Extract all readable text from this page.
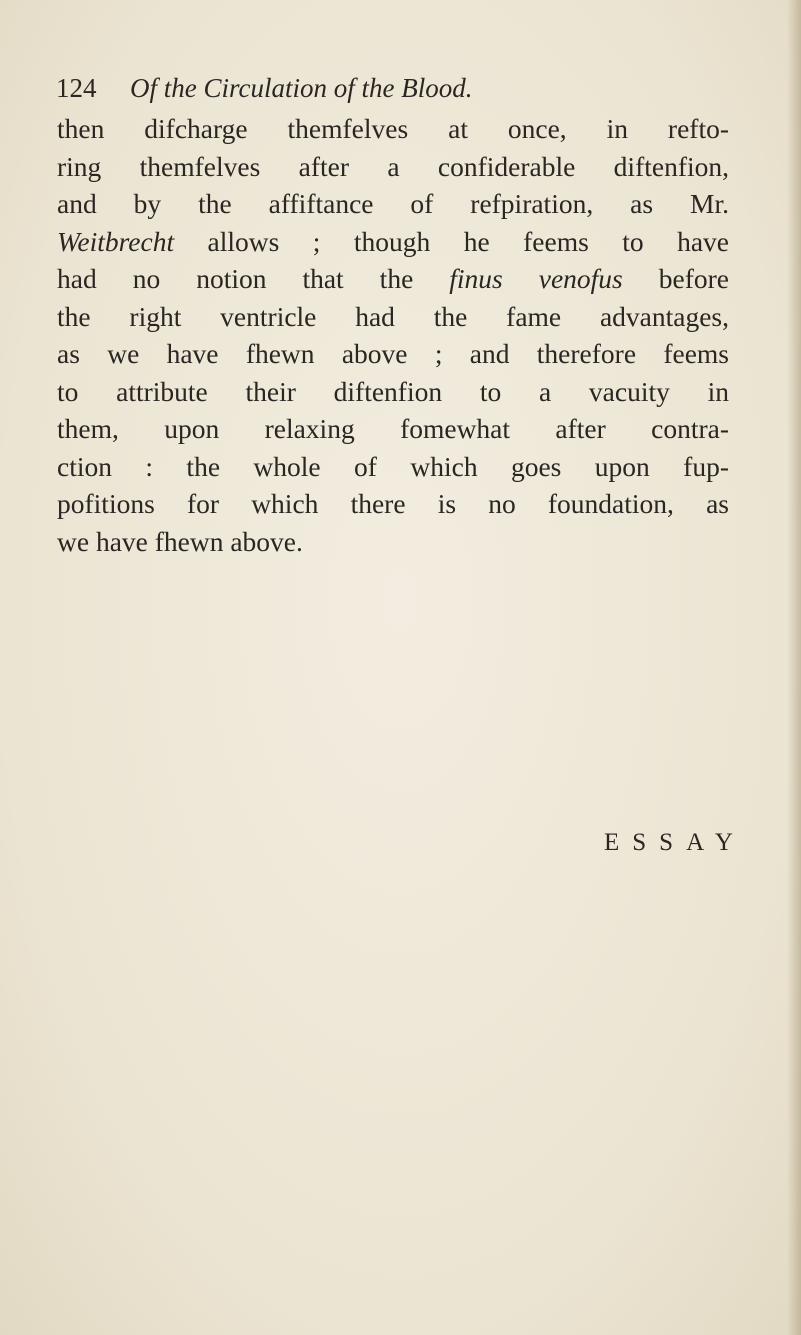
124 Of the Circulation of the Blood.
then difcharge themfelves at once, in refto-
ring themfelves after a confiderable diftenfion,
and by the affiftance of refpiration, as Mr.
Weitbrecht allows ; though he feems to have
had no notion that the finus venofus before
the right ventricle had the fame advantages,
as we have fhewn above ; and therefore feems
to attribute their diftenfion to a vacuity in
them, upon relaxing fomewhat after contra-
ction : the whole of which goes upon fup-
pofitions for which there is no foundation, as
we have fhewn above.
ESSAY
